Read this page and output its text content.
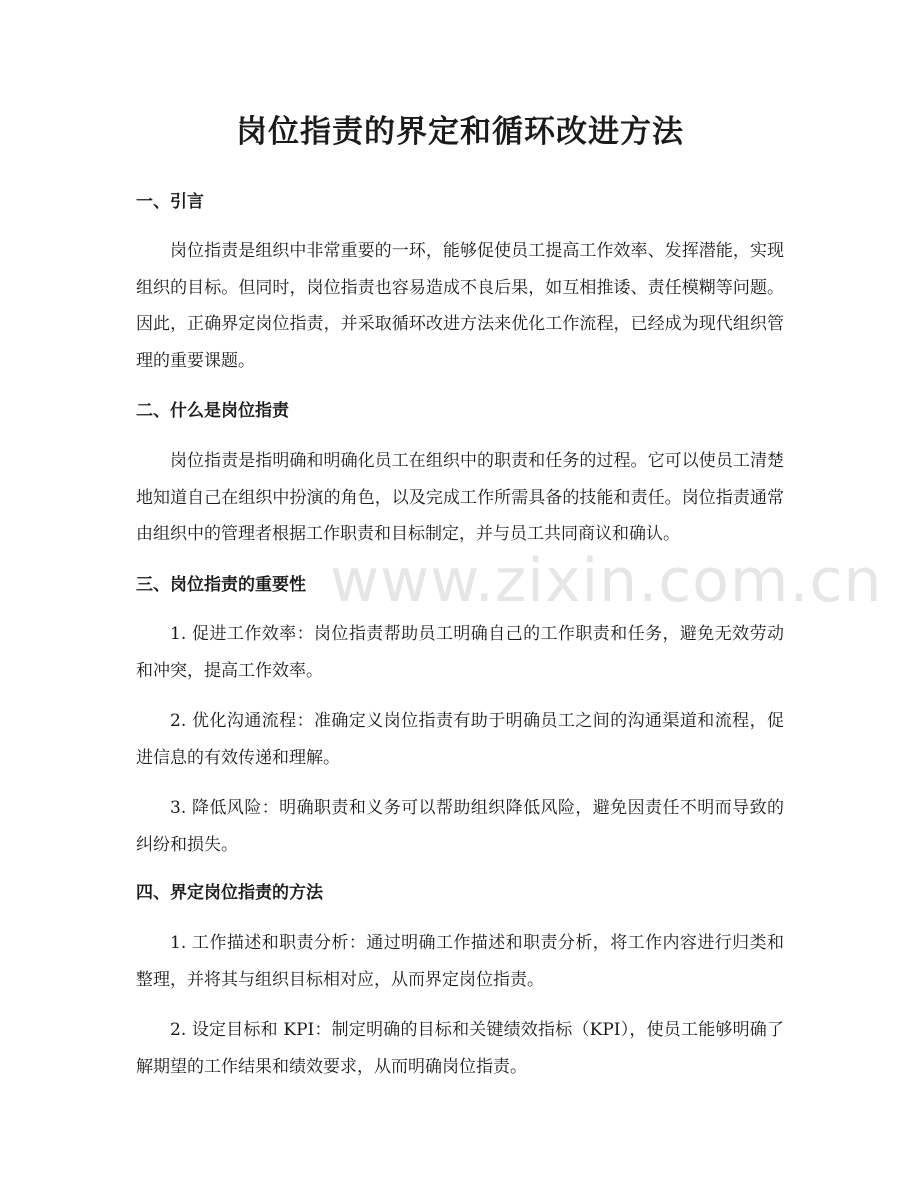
岗位指责的界定和循环改进方法
一、引言

岗位指责是组织中非常重要的一环，能够促使员工提高工作效率、发挥潜能，实现组织的目标。但同时，岗位指责也容易造成不良后果，如互相推诿、责任模糊等问题。因此，正确界定岗位指责，并采取循环改进方法来优化工作流程，已经成为现代组织管理的重要课题。

二、什么是岗位指责

岗位指责是指明确和明确化员工在组织中的职责和任务的过程。它可以使员工清楚地知道自己在组织中扮演的角色，以及完成工作所需具备的技能和责任。岗位指责通常由组织中的管理者根据工作职责和目标制定，并与员工共同商议和确认。

三、岗位指责的重要性

1. 促进工作效率：岗位指责帮助员工明确自己的工作职责和任务，避免无效劳动和冲突，提高工作效率。

2. 优化沟通流程：准确定义岗位指责有助于明确员工之间的沟通渠道和流程，促进信息的有效传递和理解。

3. 降低风险：明确职责和义务可以帮助组织降低风险，避免因责任不明而导致的纠纷和损失。

四、界定岗位指责的方法

1. 工作描述和职责分析：通过明确工作描述和职责分析，将工作内容进行归类和整理，并将其与组织目标相对应，从而界定岗位指责。

2. 设定目标和 KPI：制定明确的目标和关键绩效指标（KPI），使员工能够明确了解期望的工作结果和绩效要求，从而明确岗位指责。

www.zixin.com.cn
